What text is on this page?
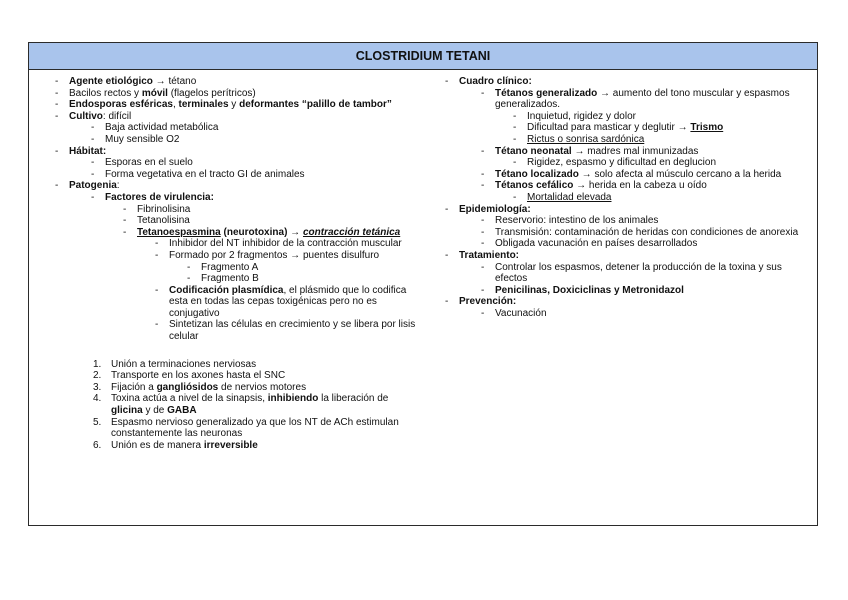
CLOSTRIDIUM TETANI
- Agente etiológico → tétano
- Bacilos rectos y móvil (flagelos perítricos)
- Endosporas esféricas, terminales y deformantes “palillo de tambor”
- Cultivo: difícil
- Baja actividad metabólica
- Muy sensible O2
- Hábitat:
- Esporas en el suelo
- Forma vegetativa en el tracto GI de animales
- Patogenia:
- Factores de virulencia:
- Fibrinolisina
- Tetanolisina
- Tetanoespasmina (neurotoxina) → contracción tetánica
- Inhibidor del NT inhibidor de la contracción muscular
- Formado por 2 fragmentos → puentes disulfuro
- Fragmento A
- Fragmento B
- Codificación plasmídica, el plásmido que lo codifica esta en todas las cepas toxigénicas pero no es conjugativo
- Sintetizan las células en crecimiento y se libera por lisis celular
1. Unión a terminaciones nerviosas
2. Transporte en los axones hasta el SNC
3. Fijación a gangliósidos de nervios motores
4. Toxina actúa a nivel de la sinapsis, inhibiendo la liberación de glicina y de GABA
5. Espasmo nervioso generalizado ya que los NT de ACh estimulan constantemente las neuronas
6. Unión es de manera irreversible
- Cuadro clínico:
- Tétanos generalizado → aumento del tono muscular y espasmos generalizados.
- Inquietud, rigidez y dolor
- Dificultad para masticar y deglutir → Trismo
- Rictus o sonrisa sardónica
- Tétano neonatal → madres mal inmunizadas
- Rigidez, espasmo y dificultad en deglucion
- Tétano localizado → solo afecta al músculo cercano a la herida
- Tétanos cefálico → herida en la cabeza u oído
- Mortalidad elevada
- Epidemiología:
- Reservorio: intestino de los animales
- Transmisión: contaminación de heridas con condiciones de anorexia
- Obligada vacunación en países desarrollados
- Tratamiento:
- Controlar los espasmos, detener la producción de la toxina y sus efectos
- Penicilinas, Doxiciclinas y Metronidazol
- Prevención:
- Vacunación
